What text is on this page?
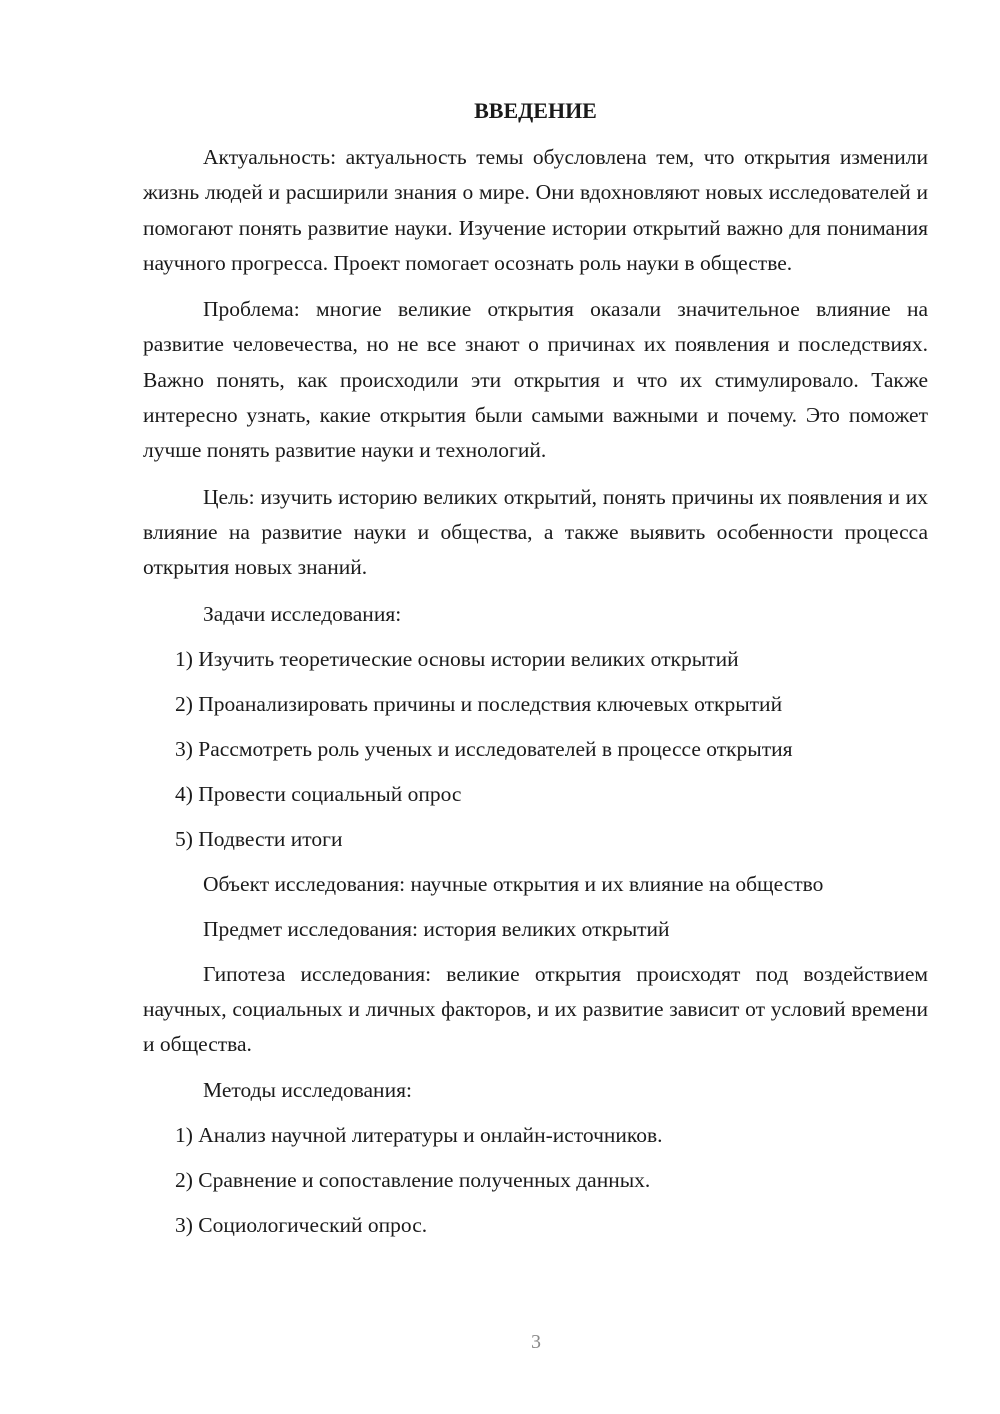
ВВЕДЕНИЕ

Актуальность: актуальность темы обусловлена тем, что открытия изменили жизнь людей и расширили знания о мире. Они вдохновляют новых исследователей и помогают понять развитие науки. Изучение истории открытий важно для понимания научного прогресса. Проект помогает осознать роль науки в обществе.

Проблема: многие великие открытия оказали значительное влияние на развитие человечества, но не все знают о причинах их появления и последствиях. Важно понять, как происходили эти открытия и что их стимулировало. Также интересно узнать, какие открытия были самыми важными и почему. Это поможет лучше понять развитие науки и технологий.

Цель: изучить историю великих открытий, понять причины их появления и их влияние на развитие науки и общества, а также выявить особенности процесса открытия новых знаний.

Задачи исследования:
1) Изучить теоретические основы истории великих открытий
2) Проанализировать причины и последствия ключевых открытий
3) Рассмотреть роль ученых и исследователей в процессе открытия
4) Провести социальный опрос
5) Подвести итоги
Объект исследования: научные открытия и их влияние на общество
Предмет исследования: история великих открытий

Гипотеза исследования: великие открытия происходят под воздействием научных, социальных и личных факторов, и их развитие зависит от условий времени и общества.

Методы исследования:
1) Анализ научной литературы и онлайн-источников.
2) Сравнение и сопоставление полученных данных.
3) Социологический опрос.
3
